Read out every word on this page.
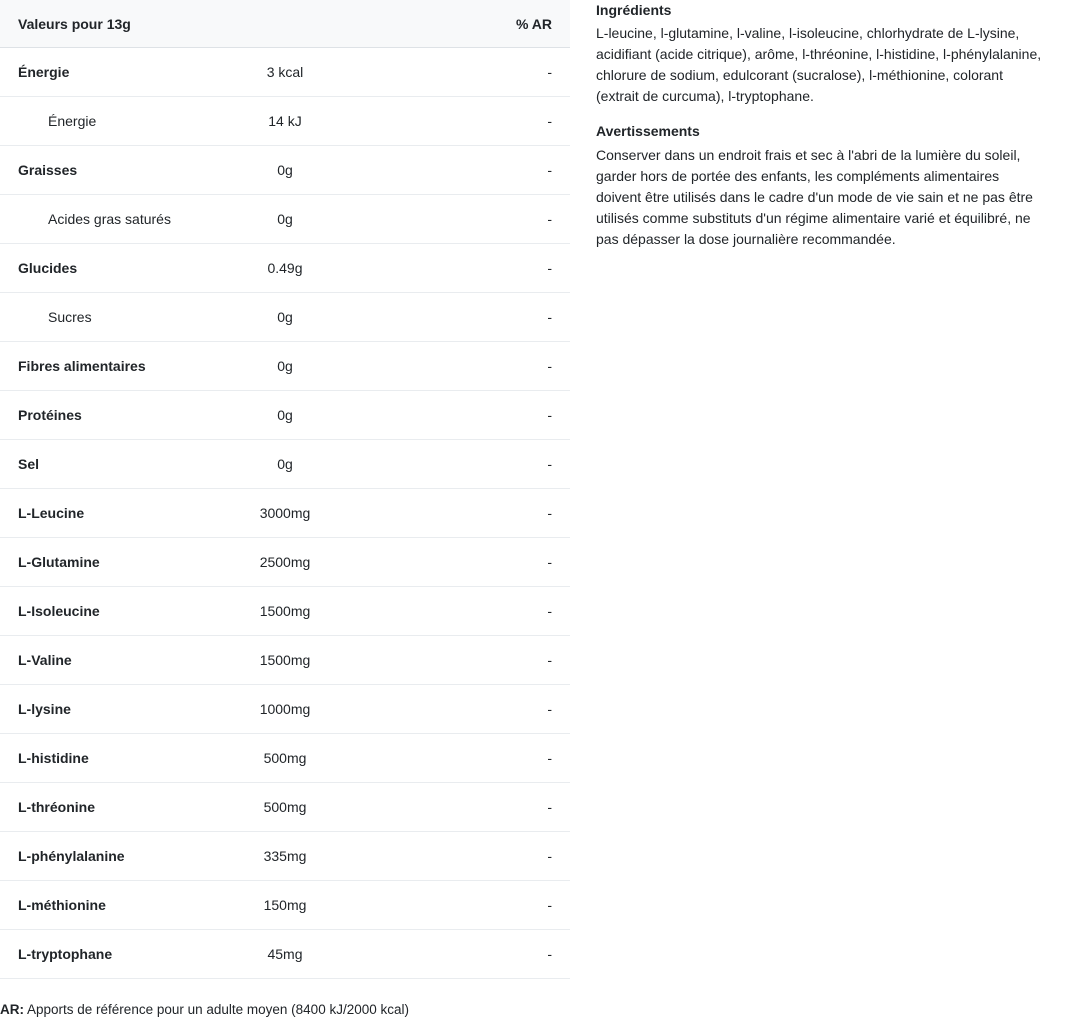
Valeurs pour 13g		% AR
Énergie	3 kcal	-
Énergie	14 kJ	-
Graisses	0g	-
Acides gras saturés	0g	-
Glucides	0.49g	-
Sucres	0g	-
Fibres alimentaires	0g	-
Protéines	0g	-
Sel	0g	-
L-Leucine	3000mg	-
L-Glutamine	2500mg	-
L-Isoleucine	1500mg	-
L-Valine	1500mg	-
L-lysine	1000mg	-
L-histidine	500mg	-
L-thréonine	500mg	-
L-phénylalanine	335mg	-
L-méthionine	150mg	-
L-tryptophane	45mg	-
AR: Apports de référence pour un adulte moyen (8400 kJ/2000 kcal)

Ingrédients

L-leucine, l-glutamine, l-valine, l-isoleucine, chlorhydrate de L-lysine, acidifiant (acide citrique), arôme, l-thréonine, l-histidine, l-phénylalanine, chlorure de sodium, edulcorant (sucralose), l-méthionine, colorant (extrait de curcuma), l-tryptophane.

Avertissements

Conserver dans un endroit frais et sec à l'abri de la lumière du soleil, garder hors de portée des enfants, les compléments alimentaires doivent être utilisés dans le cadre d'un mode de vie sain et ne pas être utilisés comme substituts d'un régime alimentaire varié et équilibré, ne pas dépasser la dose journalière recommandée.
